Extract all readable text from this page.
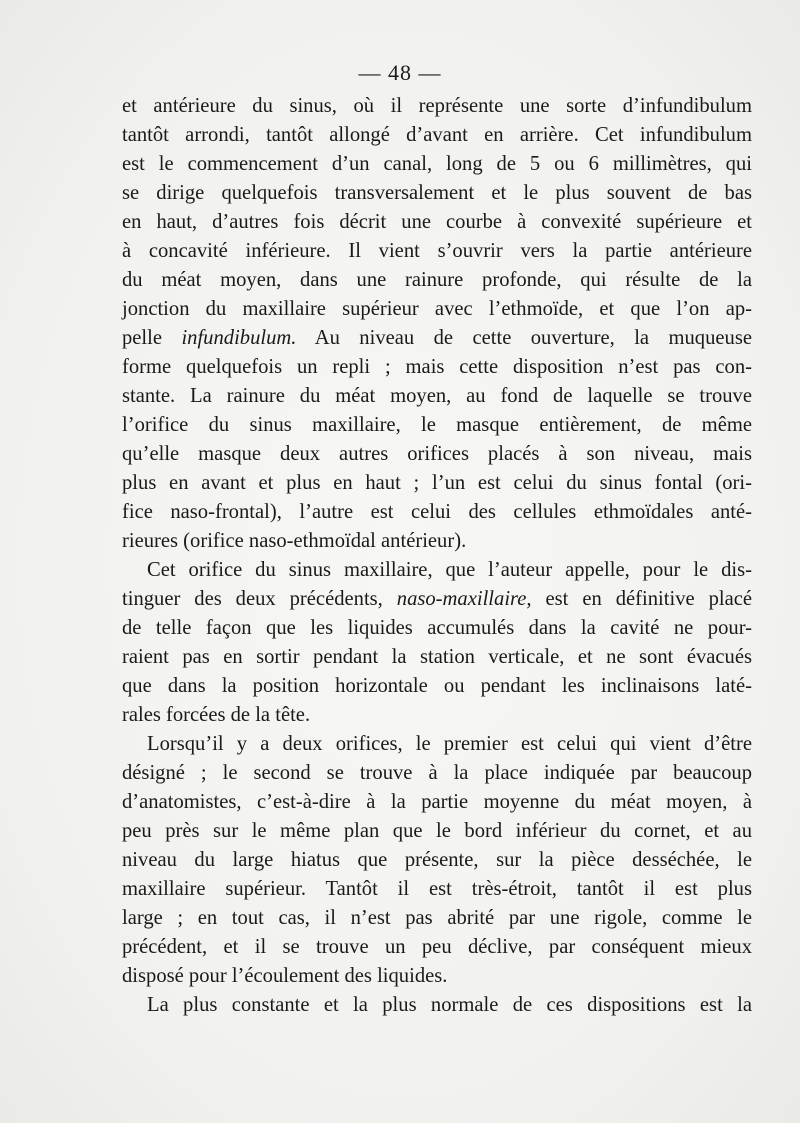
— 48 —
et antérieure du sinus, où il représente une sorte d’infundibulum
tantôt arrondi, tantôt allongé d’avant en arrière. Cet infundibulum
est le commencement d’un canal, long de 5 ou 6 millimètres, qui
se dirige quelquefois transversalement et le plus souvent de bas
en haut, d’autres fois décrit une courbe à convexité supérieure et
à concavité inférieure. Il vient s’ouvrir vers la partie antérieure
du méat moyen, dans une rainure profonde, qui résulte de la
jonction du maxillaire supérieur avec l’ethmoïde, et que l’on ap-
pelle infundibulum. Au niveau de cette ouverture, la muqueuse
forme quelquefois un repli ; mais cette disposition n’est pas con-
stante. La rainure du méat moyen, au fond de laquelle se trouve
l’orifice du sinus maxillaire, le masque entièrement, de même
qu’elle masque deux autres orifices placés à son niveau, mais
plus en avant et plus en haut ; l’un est celui du sinus fontal (ori-
fice naso-frontal), l’autre est celui des cellules ethmoïdales anté-
rieures (orifice naso-ethmoïdal antérieur).
Cet orifice du sinus maxillaire, que l’auteur appelle, pour le dis-
tinguer des deux précédents, naso-maxillaire, est en définitive placé
de telle façon que les liquides accumulés dans la cavité ne pour-
raient pas en sortir pendant la station verticale, et ne sont évacués
que dans la position horizontale ou pendant les inclinaisons laté-
rales forcées de la tête.
Lorsqu’il y a deux orifices, le premier est celui qui vient d’être
désigné ; le second se trouve à la place indiquée par beaucoup
d’anatomistes, c’est-à-dire à la partie moyenne du méat moyen, à
peu près sur le même plan que le bord inférieur du cornet, et au
niveau du large hiatus que présente, sur la pièce desséchée, le
maxillaire supérieur. Tantôt il est très-étroit, tantôt il est plus
large ; en tout cas, il n’est pas abrité par une rigole, comme le
précédent, et il se trouve un peu déclive, par conséquent mieux
disposé pour l’écoulement des liquides.
La plus constante et la plus normale de ces dispositions est la
